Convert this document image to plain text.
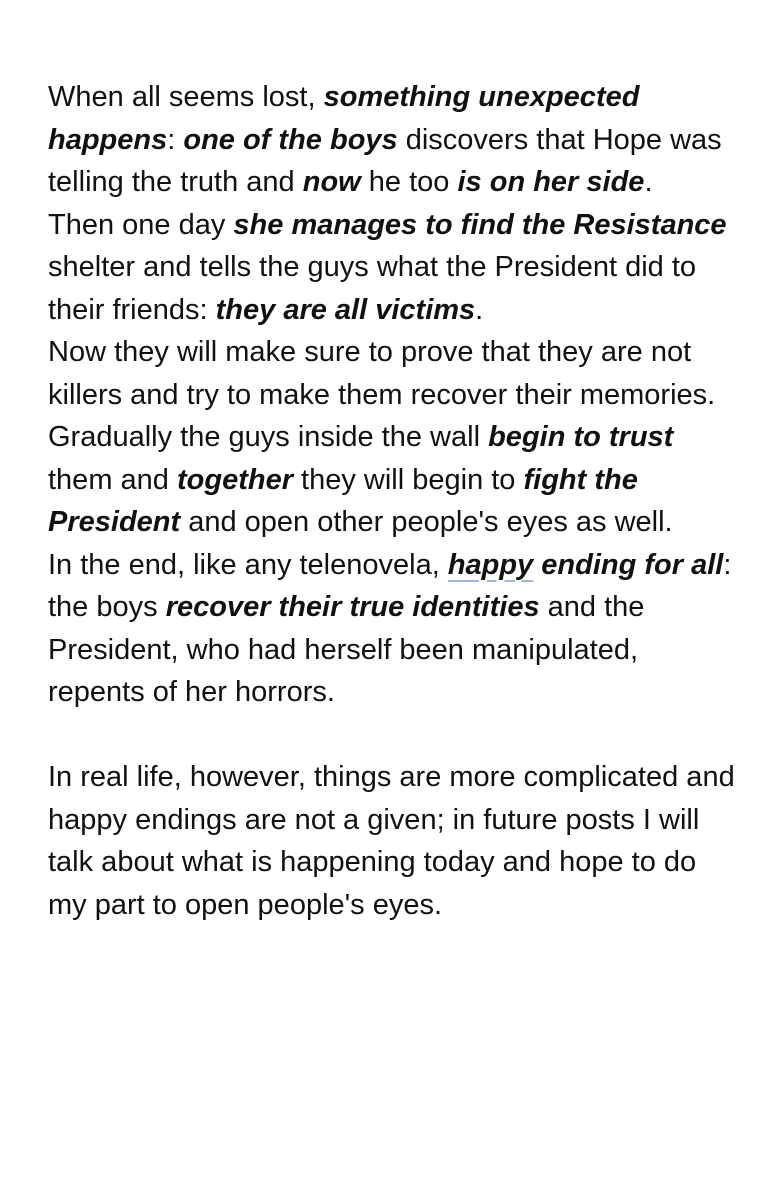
When all seems lost, something unexpected happens: one of the boys discovers that Hope was telling the truth and now he too is on her side.

Then one day she manages to find the Resistance shelter and tells the guys what the President did to their friends: they are all victims.

Now they will make sure to prove that they are not killers and try to make them recover their memories.

Gradually the guys inside the wall begin to trust them and together they will begin to fight the President and open other people's eyes as well.

In the end, like any telenovela, happy ending for all: the boys recover their true identities and the President, who had herself been manipulated, repents of her horrors.

In real life, however, things are more complicated and happy endings are not a given; in future posts I will talk about what is happening today and hope to do my part to open people's eyes.
